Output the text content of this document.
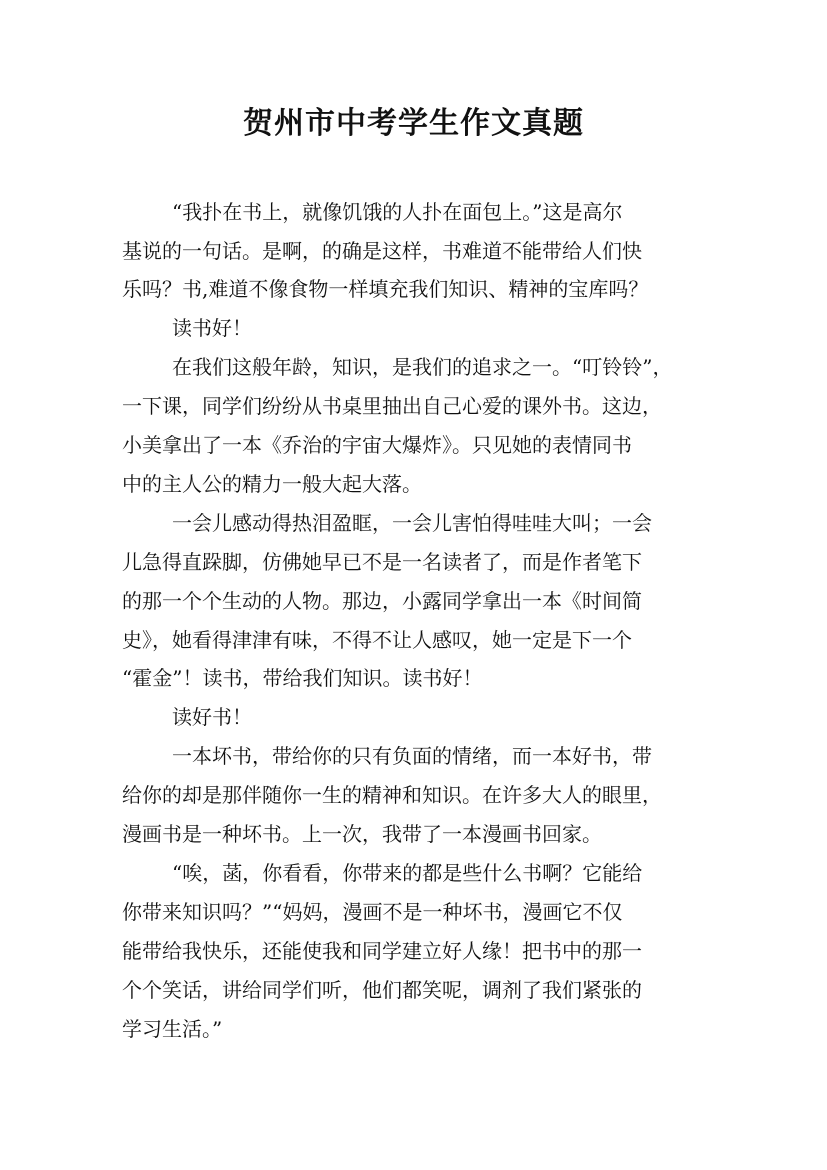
贺州市中考学生作文真题
“我扑在书上，就像饥饿的人扑在面包上。”这是高尔
基说的一句话。是啊，的确是这样，书难道不能带给人们快
乐吗？书,难道不像食物一样填充我们知识、精神的宝库吗？
读书好！
在我们这般年龄，知识，是我们的追求之一。“叮铃铃”，
一下课，同学们纷纷从书桌里抽出自己心爱的课外书。这边，
小美拿出了一本《乔治的宇宙大爆炸》。只见她的表情同书
中的主人公的精力一般大起大落。
一会儿感动得热泪盈眶，一会儿害怕得哇哇大叫；一会
儿急得直跺脚，仿佛她早已不是一名读者了，而是作者笔下
的那一个个生动的人物。那边，小露同学拿出一本《时间简
史》，她看得津津有味，不得不让人感叹，她一定是下一个
“霍金”！读书，带给我们知识。读书好！
读好书！
一本坏书，带给你的只有负面的情绪，而一本好书，带
给你的却是那伴随你一生的精神和知识。在许多大人的眼里，
漫画书是一种坏书。上一次，我带了一本漫画书回家。
“唉，菡，你看看，你带来的都是些什么书啊？它能给
你带来知识吗？”“妈妈，漫画不是一种坏书，漫画它不仅
能带给我快乐，还能使我和同学建立好人缘！把书中的那一
个个笑话，讲给同学们听，他们都笑呢，调剂了我们紧张的
学习生活。”
